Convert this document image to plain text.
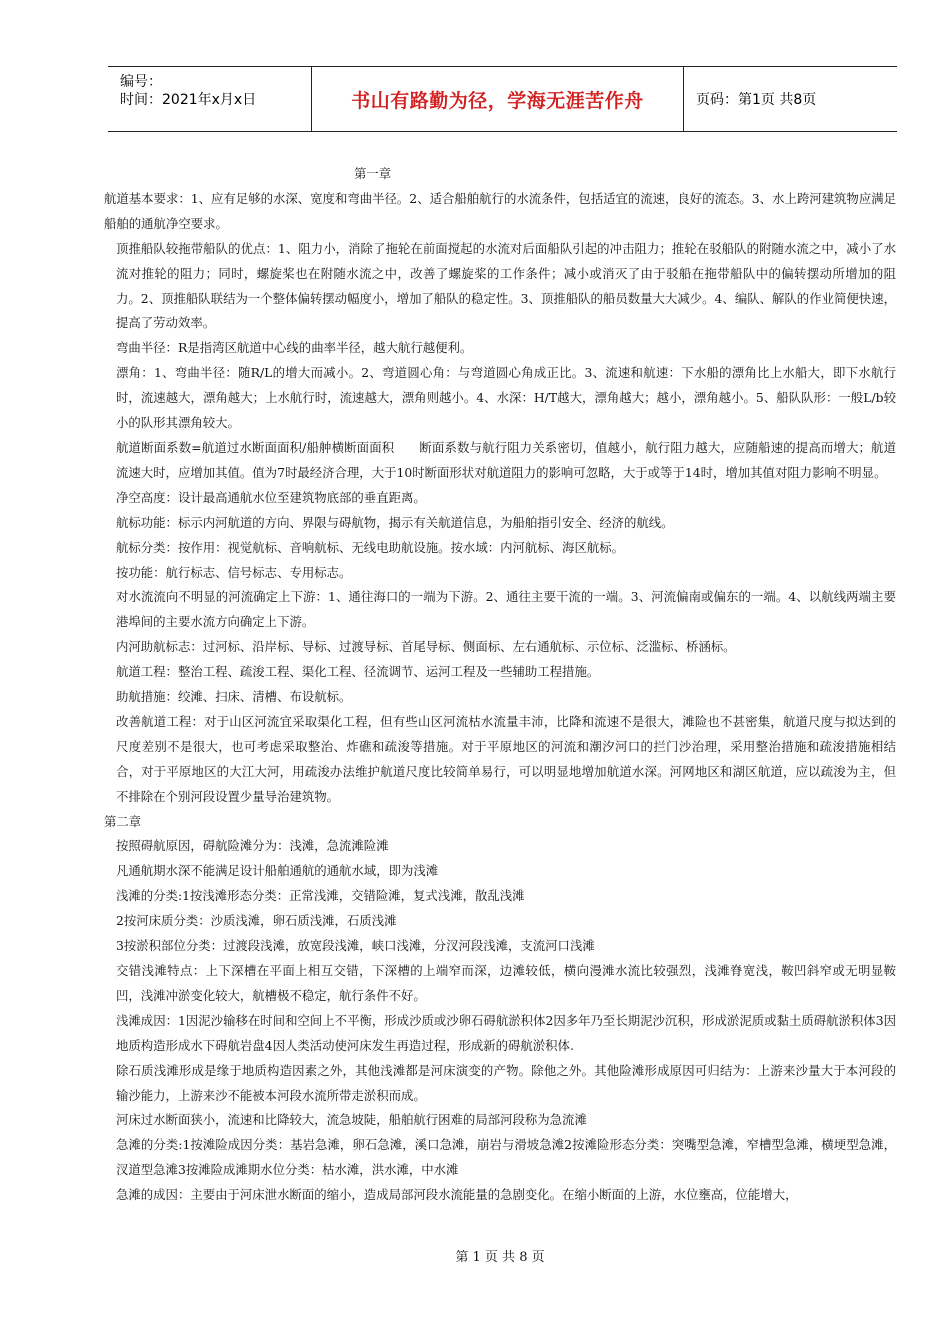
编号：
时间：2021年x月x日	书山有路勤为径，学海无涯苦作舟	页码：第1页 共8页

第一章

航道基本要求：1、应有足够的水深、宽度和弯曲半径。2、适合船舶航行的水流条件，包括适宜的流速，良好的流态。3、水上跨河建筑物应满足船舶的通航净空要求。

顶推船队较拖带船队的优点：1、阻力小，消除了拖轮在前面搅起的水流对后面船队引起的冲击阻力；推轮在驳船队的附随水流之中，减小了水流对推轮的阻力；同时，螺旋桨也在附随水流之中，改善了螺旋桨的工作条件；减小或消灭了由于驳船在拖带船队中的偏转摆动所增加的阻力。2、顶推船队联结为一个整体偏转摆动幅度小，增加了船队的稳定性。3、顶推船队的船员数量大大减少。4、编队、解队的作业简便快速，提高了劳动效率。

弯曲半径：R是指湾区航道中心线的曲率半径，越大航行越便利。

漂角：1、弯曲半径：随R/L的增大而减小。2、弯道圆心角：与弯道圆心角成正比。3、流速和航速：下水船的漂角比上水船大，即下水航行时，流速越大，漂角越大；上水航行时，流速越大，漂角则越小。4、水深：H/T越大，漂角越大；越小，漂角越小。5、船队队形：一般L/b较小的队形其漂角较大。

航道断面系数=航道过水断面面积/船舯横断面面积　　断面系数与航行阻力关系密切，值越小，航行阻力越大，应随船速的提高而增大；航道流速大时，应增加其值。值为7时最经济合理，大于10时断面形状对航道阻力的影响可忽略，大于或等于14时，增加其值对阻力影响不明显。

净空高度：设计最高通航水位至建筑物底部的垂直距离。

航标功能：标示内河航道的方向、界限与碍航物，揭示有关航道信息，为船舶指引安全、经济的航线。

航标分类：按作用：视觉航标、音响航标、无线电助航设施。按水域：内河航标、海区航标。

按功能：航行标志、信号标志、专用标志。

对水流流向不明显的河流确定上下游：1、通往海口的一端为下游。2、通往主要干流的一端。3、河流偏南或偏东的一端。4、以航线两端主要港埠间的主要水流方向确定上下游。

内河助航标志：过河标、沿岸标、导标、过渡导标、首尾导标、侧面标、左右通航标、示位标、泛滥标、桥涵标。

航道工程：整治工程、疏浚工程、渠化工程、径流调节、运河工程及一些辅助工程措施。

助航措施：绞滩、扫床、清槽、布设航标。

改善航道工程：对于山区河流宜采取渠化工程，但有些山区河流枯水流量丰沛，比降和流速不是很大，滩险也不甚密集，航道尺度与拟达到的尺度差别不是很大，也可考虑采取整治、炸礁和疏浚等措施。对于平原地区的河流和潮汐河口的拦门沙治理，采用整治措施和疏浚措施相结合，对于平原地区的大江大河，用疏浚办法维护航道尺度比较简单易行，可以明显地增加航道水深。河网地区和湖区航道，应以疏浚为主，但不排除在个别河段设置少量导治建筑物。

第二章

按照碍航原因，碍航险滩分为：浅滩，急流滩险滩

凡通航期水深不能满足设计船舶通航的通航水域，即为浅滩

浅滩的分类:1按浅滩形态分类：正常浅滩，交错险滩，复式浅滩，散乱浅滩

2按河床质分类：沙质浅滩，卵石质浅滩，石质浅滩

3按淤积部位分类：过渡段浅滩，放宽段浅滩，峡口浅滩，分汊河段浅滩，支流河口浅滩

交错浅滩特点：上下深槽在平面上相互交错，下深槽的上端窄而深，边滩较低，横向漫滩水流比较强烈，浅滩脊宽浅，鞍凹斜窄或无明显鞍凹，浅滩冲淤变化较大，航槽极不稳定，航行条件不好。

浅滩成因：1因泥沙输移在时间和空间上不平衡，形成沙质或沙卵石碍航淤积体2因多年乃至长期泥沙沉积，形成淤泥质或黏土质碍航淤积体3因地质构造形成水下碍航岩盘4因人类活动使河床发生再造过程，形成新的碍航淤积体.

除石质浅滩形成是缘于地质构造因素之外，其他浅滩都是河床演变的产物。除他之外。其他险滩形成原因可归结为：上游来沙量大于本河段的输沙能力，上游来沙不能被本河段水流所带走淤积而成。

河床过水断面狭小，流速和比降较大，流急坡陡，船舶航行困难的局部河段称为急流滩

急滩的分类:1按滩险成因分类：基岩急滩，卵石急滩，溪口急滩，崩岩与滑坡急滩2按滩险形态分类：突嘴型急滩，窄槽型急滩，横埂型急滩，汊道型急滩3按滩险成滩期水位分类：枯水滩，洪水滩，中水滩

急滩的成因：主要由于河床泄水断面的缩小，造成局部河段水流能量的急剧变化。在缩小断面的上游，水位壅高，位能增大，

第 1 页 共 8 页
